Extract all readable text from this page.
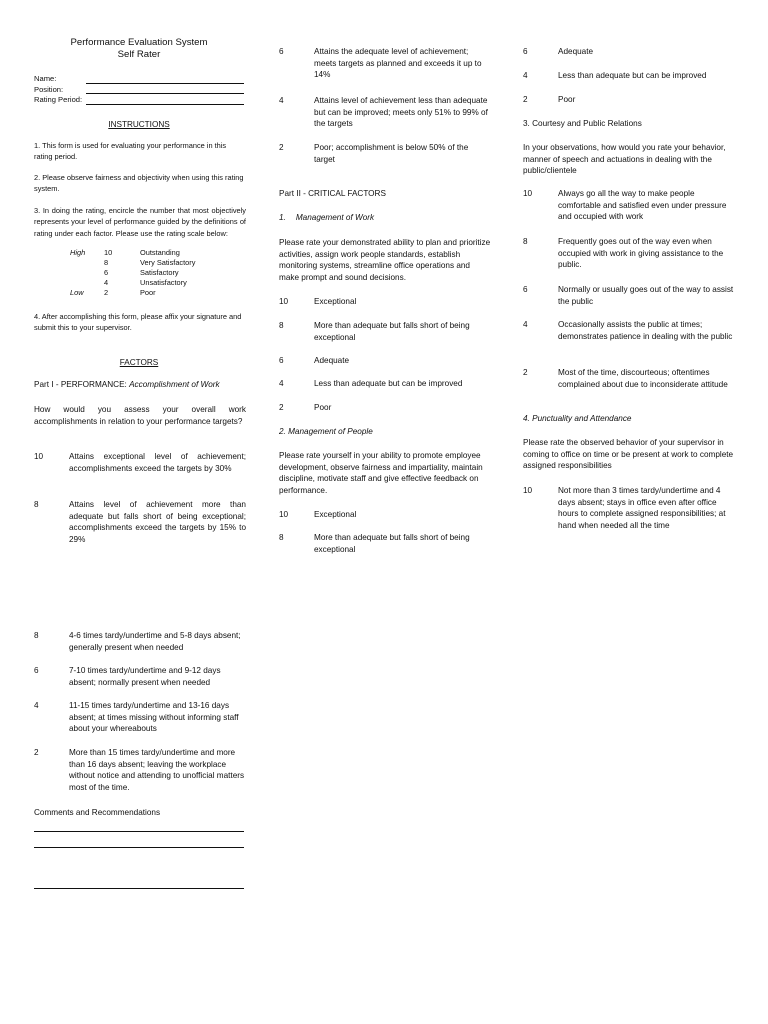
Performance Evaluation System
Self Rater
Name:
Position:
Rating Period:
INSTRUCTIONS
1. This form is used for evaluating your performance in this rating period.
2. Please observe fairness and objectivity when using this rating system.
3. In doing the rating, encircle the number that most objectively represents your level of performance guided by the definitions of rating under each factor. Please use the rating scale below:
High	10	Outstanding
8	Very Satisfactory
6	Satisfactory
4	Unsatisfactory
Low	2	Poor
4. After accomplishing this form, please affix your signature and submit this to your supervisor.
FACTORS
Part I - PERFORMANCE: Accomplishment of Work
How would you assess your overall work accomplishments in relation to your performance targets?
10	Attains exceptional level of achievement; accomplishments exceed the targets by 30%
8	Attains level of achievement more than adequate but falls short of being exceptional; accomplishments exceed the targets by 15% to 29%
8	4-6 times tardy/undertime and 5-8 days absent; generally present when needed
6	7-10 times tardy/undertime and 9-12 days absent; normally present when needed
4	11-15 times tardy/undertime and 13-16 days absent; at times missing without informing staff about your whereabouts
2	More than 15 times tardy/undertime and more than 16 days absent; leaving the workplace without notice and attending to unofficial matters most of the time.
Comments and Recommendations
6	Attains the adequate level of achievement; meets targets as planned and exceeds it up to 14%
4	Attains level of achievement less than adequate but can be improved; meets only 51% to 99% of the targets
2	Poor; accomplishment is below 50% of the target
Part II - CRITICAL FACTORS
1. Management of Work
Please rate your demonstrated ability to plan and prioritize activities, assign work people standards, establish monitoring systems, streamline office operations and make prompt and sound decisions.
10	Exceptional
8	More than adequate but falls short of being exceptional
6	Adequate
4	Less than adequate but can be improved
2	Poor
2. Management of People
Please rate yourself in your ability to promote employee development, observe fairness and impartiality, maintain discipline, motivate staff and give effective feedback on performance.
10	Exceptional
8	More than adequate but falls short of being exceptional
6	Adequate
4	Less than adequate but can be improved
2	Poor
3. Courtesy and Public Relations
In your observations, how would you rate your behavior, manner of speech and actuations in dealing with the public/clientele
10	Always go all the way to make people comfortable and satisfied even under pressure and occupied with work
8	Frequently goes out of the way even when occupied with work in giving assistance to the public.
6	Normally or usually goes out of the way to assist the public
4	Occasionally assists the public at times; demonstrates patience in dealing with the public
2	Most of the time, discourteous; oftentimes complained about due to inconsiderate attitude
4. Punctuality and Attendance
Please rate the observed behavior of your supervisor in coming to office on time or be present at work to complete assigned responsibilities
10	Not more than 3 times tardy/undertime and 4 days absent; stays in office even after office hours to complete assigned responsibilities; at hand when needed all the time
